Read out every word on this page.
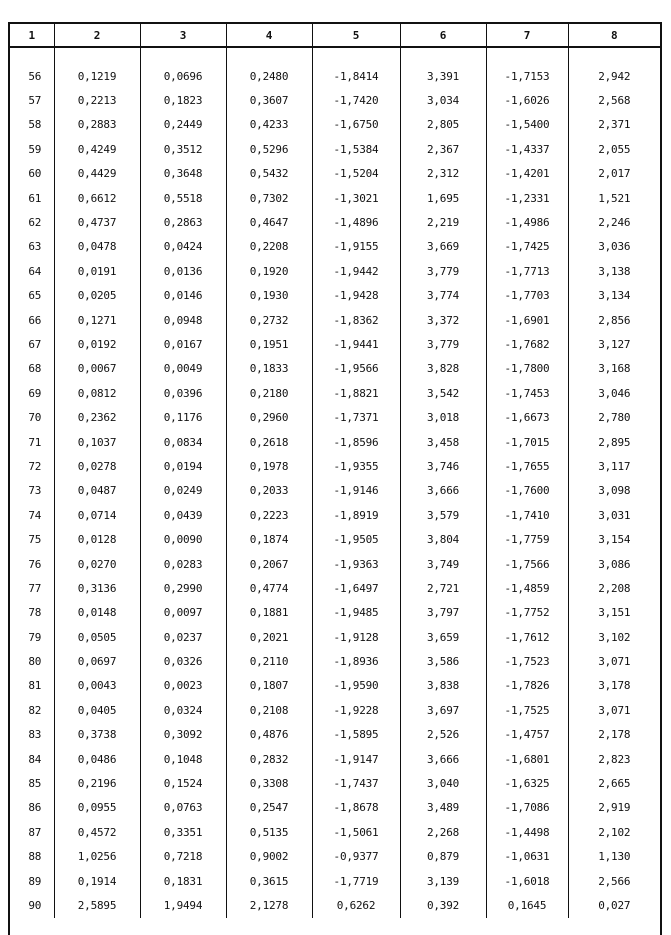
1	2	3	4	5	6	7	8

56	0,1219	0,0696	0,2480	-1,8414	3,391	-1,7153	2,942
57	0,2213	0,1823	0,3607	-1,7420	3,034	-1,6026	2,568
58	0,2883	0,2449	0,4233	-1,6750	2,805	-1,5400	2,371
59	0,4249	0,3512	0,5296	-1,5384	2,367	-1,4337	2,055
60	0,4429	0,3648	0,5432	-1,5204	2,312	-1,4201	2,017
61	0,6612	0,5518	0,7302	-1,3021	1,695	-1,2331	1,521
62	0,4737	0,2863	0,4647	-1,4896	2,219	-1,4986	2,246
63	0,0478	0,0424	0,2208	-1,9155	3,669	-1,7425	3,036
64	0,0191	0,0136	0,1920	-1,9442	3,779	-1,7713	3,138
65	0,0205	0,0146	0,1930	-1,9428	3,774	-1,7703	3,134
66	0,1271	0,0948	0,2732	-1,8362	3,372	-1,6901	2,856
67	0,0192	0,0167	0,1951	-1,9441	3,779	-1,7682	3,127
68	0,0067	0,0049	0,1833	-1,9566	3,828	-1,7800	3,168
69	0,0812	0,0396	0,2180	-1,8821	3,542	-1,7453	3,046
70	0,2362	0,1176	0,2960	-1,7371	3,018	-1,6673	2,780
71	0,1037	0,0834	0,2618	-1,8596	3,458	-1,7015	2,895
72	0,0278	0,0194	0,1978	-1,9355	3,746	-1,7655	3,117
73	0,0487	0,0249	0,2033	-1,9146	3,666	-1,7600	3,098
74	0,0714	0,0439	0,2223	-1,8919	3,579	-1,7410	3,031
75	0,0128	0,0090	0,1874	-1,9505	3,804	-1,7759	3,154
76	0,0270	0,0283	0,2067	-1,9363	3,749	-1,7566	3,086
77	0,3136	0,2990	0,4774	-1,6497	2,721	-1,4859	2,208
78	0,0148	0,0097	0,1881	-1,9485	3,797	-1,7752	3,151
79	0,0505	0,0237	0,2021	-1,9128	3,659	-1,7612	3,102
80	0,0697	0,0326	0,2110	-1,8936	3,586	-1,7523	3,071
81	0,0043	0,0023	0,1807	-1,9590	3,838	-1,7826	3,178
82	0,0405	0,0324	0,2108	-1,9228	3,697	-1,7525	3,071
83	0,3738	0,3092	0,4876	-1,5895	2,526	-1,4757	2,178
84	0,0486	0,1048	0,2832	-1,9147	3,666	-1,6801	2,823
85	0,2196	0,1524	0,3308	-1,7437	3,040	-1,6325	2,665
86	0,0955	0,0763	0,2547	-1,8678	3,489	-1,7086	2,919
87	0,4572	0,3351	0,5135	-1,5061	2,268	-1,4498	2,102
88	1,0256	0,7218	0,9002	-0,9377	0,879	-1,0631	1,130
89	0,1914	0,1831	0,3615	-1,7719	3,139	-1,6018	2,566
90	2,5895	1,9494	2,1278	0,6262	0,392	0,1645	0,027
